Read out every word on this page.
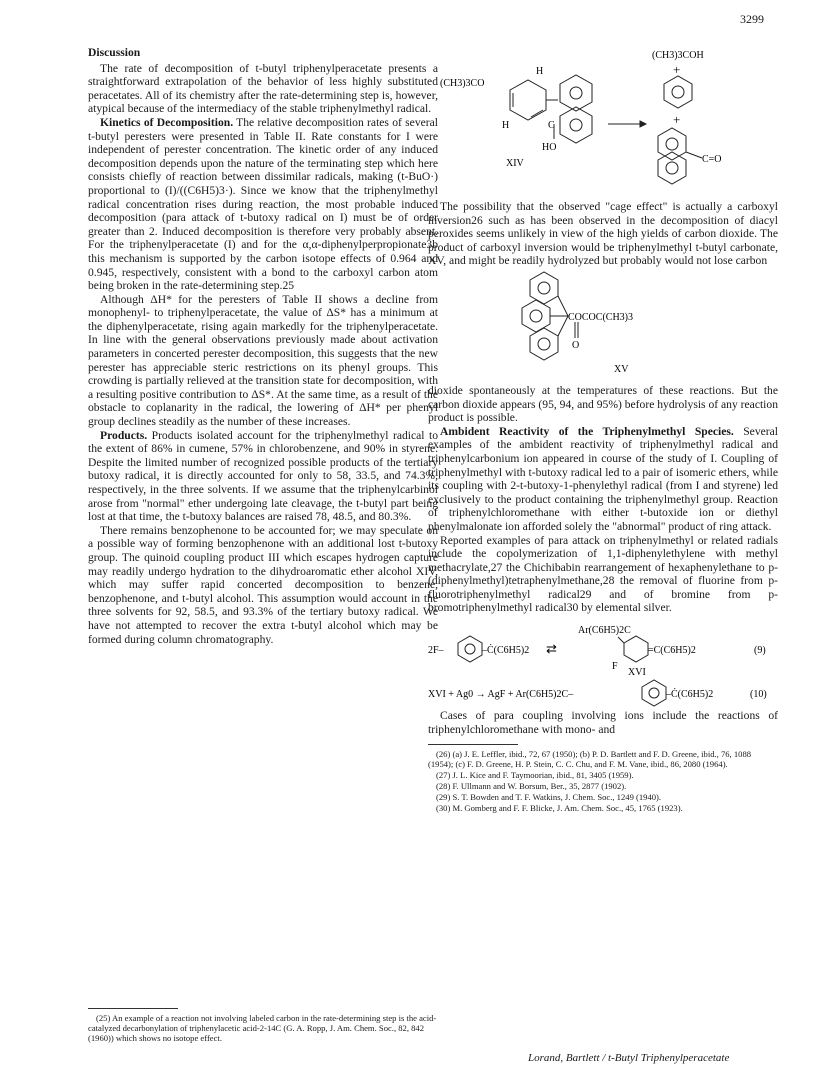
3299
Discussion

The rate of decomposition of t-butyl triphenylperacetate presents a straightforward extrapolation of the behavior of less highly substituted peracetates. All of its chemistry after the rate-determining step is, however, atypical because of the intermediacy of the stable triphenylmethyl radical.

Kinetics of Decomposition. The relative decomposition rates of several t-butyl peresters were presented in Table II. Rate constants for I were independent of perester concentration. The kinetic order of any induced decomposition depends upon the nature of the terminating step which here consists chiefly of reaction between dissimilar radicals, making (t-BuO·) proportional to (I)/((C6H5)3·). Since we know that the triphenylmethyl radical concentration rises during reaction, the most probable induced decomposition (para attack of t-butoxy radical on I) must be of order greater than 2. Induced decomposition is therefore very probably absent. For the triphenylperacetate (I) and for the α,α-diphenylperpropionate3b this mechanism is supported by the carbon isotope effects of 0.964 and 0.945, respectively, consistent with a bond to the carboxyl carbon atom being broken in the rate-determining step.25

Although ΔH* for the peresters of Table II shows a decline from monophenyl- to triphenylperacetate, the value of ΔS* has a minimum at the diphenylperacetate, rising again markedly for the triphenylperacetate. In line with the general observations previously made about activation parameters in concerted perester decomposition, this suggests that the new perester has appreciable steric restrictions on its phenyl groups. This crowding is partially relieved at the transition state for decomposition, with a resulting positive contribution to ΔS*. At the same time, as a result of the obstacle to coplanarity in the radical, the lowering of ΔH* per phenyl group declines steadily as the number of these increases.

Products. Products isolated account for the triphenylmethyl radical to the extent of 86% in cumene, 57% in chlorobenzene, and 90% in styrene. Despite the limited number of recognized possible products of the tertiary butoxy radical, it is directly accounted for only to 58, 33.5, and 74.3%, respectively, in the three solvents. If we assume that the triphenylcarbinol arose from "normal" ether undergoing late cleavage, the t-butyl part being lost at that time, the t-butoxy balances are raised 78, 48.5, and 80.3%.

There remains benzophenone to be accounted for; we may speculate on a possible way of forming benzophenone with an additional lost t-butoxy group. The quinoid coupling product III which escapes hydrogen capture may readily undergo hydration to the dihydroaromatic ether alcohol XIV, which may suffer rapid concerted decomposition to benzene, benzophenone, and t-butyl alcohol. This assumption would account in the three solvents for 92, 58.5, and 93.3% of the tertiary butoxy radical. We have not attempted to recover the extra t-butyl alcohol which may be formed during column chromatography.

(25) An example of a reaction not involving labeled carbon in the rate-determining step is the acid-catalyzed decarbonylation of triphenylacetic acid-2-14C (G. A. Ropp, J. Am. Chem. Soc., 82, 842 (1960)) which shows no isotope effect.

(CH3)3CO
H
H	C
HO
XIV
(CH3)3COH
+
+
C=O

The possibility that the observed "cage effect" is actually a carboxyl inversion26 such as has been observed in the decomposition of diacyl peroxides seems unlikely in view of the high yields of carbon dioxide. The product of carboxyl inversion would be triphenylmethyl t-butyl carbonate, XV, and might be readily hydrolyzed but probably would not lose carbon

COCOC(CH3)3
O
XV

dioxide spontaneously at the temperatures of these reactions. But the carbon dioxide appears (95, 94, and 95%) before hydrolysis of any reaction product is possible.

Ambident Reactivity of the Triphenylmethyl Species. Several examples of the ambident reactivity of triphenylmethyl radical and triphenylcarbonium ion appeared in course of the study of I. Coupling of triphenylmethyl with t-butoxy radical led to a pair of isomeric ethers, while its coupling with 2-t-butoxy-1-phenylethyl radical (from I and styrene) led exclusively to the product containing the triphenylmethyl group. Reaction of triphenylchloromethane with either t-butoxide ion or diethyl phenylmalonate ion afforded solely the "abnormal" product of ring attack.

Reported examples of para attack on triphenylmethyl or related radials include the copolymerization of 1,1-diphenylethylene with methyl methacrylate,27 the Chichibabin rearrangement of hexaphenylethane to p-(diphenylmethyl)tetraphenylmethane,28 the removal of fluorine from p-fluorotriphenylmethyl radical29 and of bromine from p-bromotriphenylmethyl radical30 by elemental silver.

2F–	–Ċ(C6H5)2 ⇄
Ar(C6H5)2C
F
=C(C6H5)2	(9)
XVI
XVI + Ag0 → AgF + Ar(C6H5)2C–	–Ċ(C6H5)2	(10)

Cases of para coupling involving ions include the reactions of triphenylchloromethane with mono- and

(26) (a) J. E. Leffler, ibid., 72, 67 (1950); (b) P. D. Bartlett and F. D. Greene, ibid., 76, 1088 (1954); (c) F. D. Greene, H. P. Stein, C. C. Chu, and F. M. Vane, ibid., 86, 2080 (1964).

(27) J. L. Kice and F. Taymoorian, ibid., 81, 3405 (1959).

(28) F. Ullmann and W. Borsum, Ber., 35, 2877 (1902).

(29) S. T. Bowden and T. F. Watkins, J. Chem. Soc., 1249 (1940).

(30) M. Gomberg and F. F. Blicke, J. Am. Chem. Soc., 45, 1765 (1923).

Lorand, Bartlett / t-Butyl Triphenylperacetate
